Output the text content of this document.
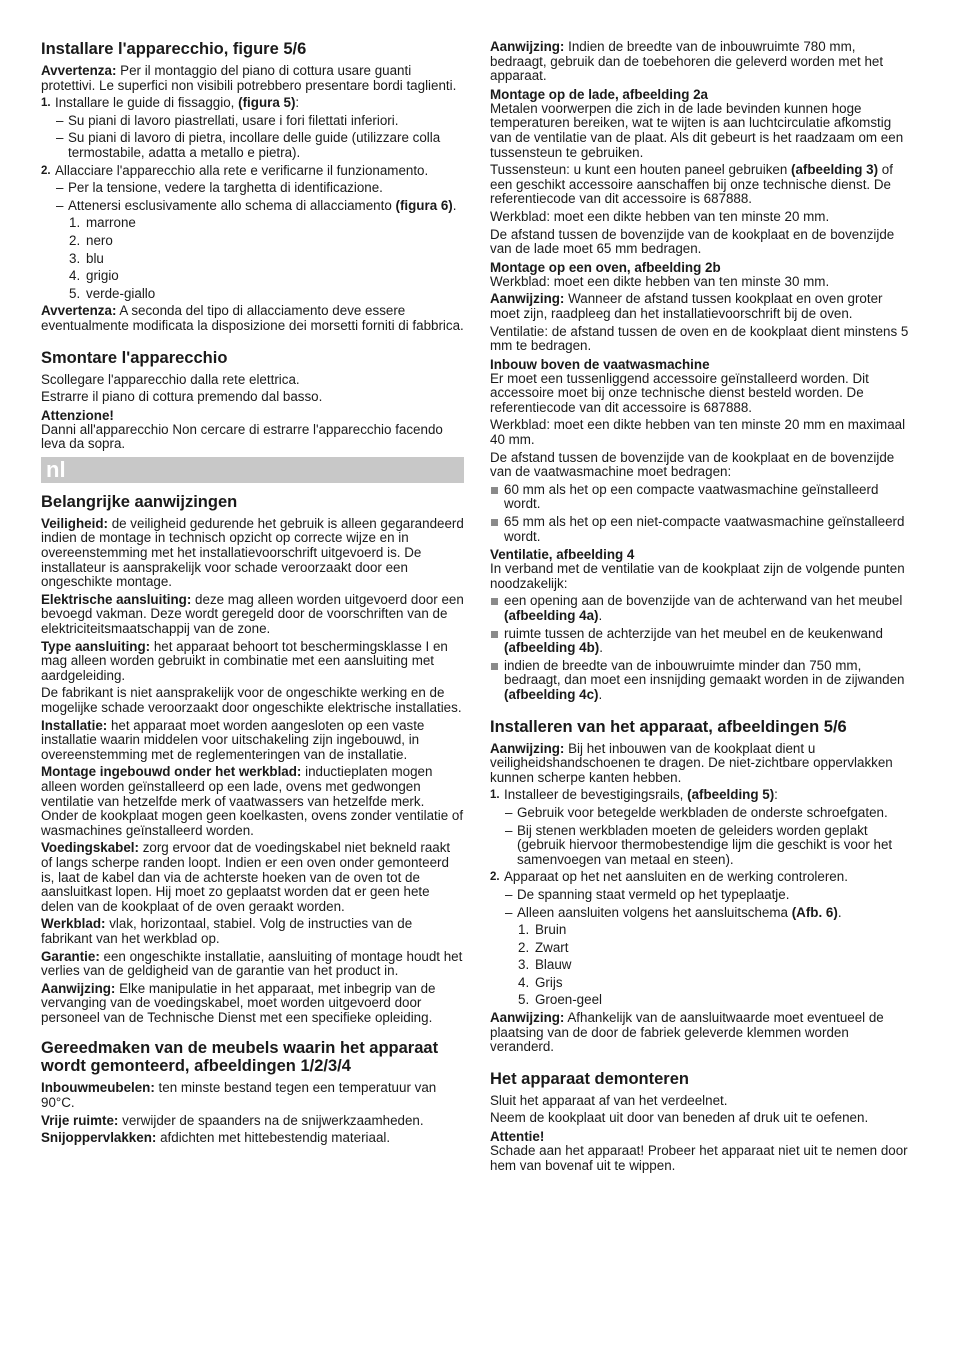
Installare l'apparecchio, figure 5/6

Avvertenza: Per il montaggio del piano di cottura usare guanti protettivi. Le superfici non visibili potrebbero presentare bordi taglienti.

1. Installare le guide di fissaggio, (figura 5):
– Su piani di lavoro piastrellati, usare i fori filettati inferiori.
– Su piani di lavoro di pietra, incollare delle guide (utilizzare colla termostabile, adatta a metallo e pietra).
2. Allacciare l'apparecchio alla rete e verificarne il funzionamento.
– Per la tensione, vedere la targhetta di identificazione.
– Attenersi esclusivamente allo schema di allacciamento (figura 6).
1. marrone
2. nero
3. blu
4. grigio
5. verde-giallo

Avvertenza: A seconda del tipo di allacciamento deve essere eventualmente modificata la disposizione dei morsetti forniti di fabbrica.

Smontare l'apparecchio

Scollegare l'apparecchio dalla rete elettrica.

Estrarre il piano di cottura premendo dal basso.

Attenzione!

Danni all'apparecchio Non cercare di estrarre l'apparecchio facendo leva da sopra.

nl
Belangrijke aanwijzingen

Veiligheid: de veiligheid gedurende het gebruik is alleen gegarandeerd indien de montage in technisch opzicht op correcte wijze en in overeenstemming met het installatievoorschrift uitgevoerd is. De installateur is aansprakelijk voor schade veroorzaakt door een ongeschikte montage.

Elektrische aansluiting: deze mag alleen worden uitgevoerd door een bevoegd vakman. Deze wordt geregeld door de voorschriften van de elektriciteitsmaatschappij van de zone.

Type aansluiting: het apparaat behoort tot beschermingsklasse I en mag alleen worden gebruikt in combinatie met een aansluiting met aardgeleiding.

De fabrikant is niet aansprakelijk voor de ongeschikte werking en de mogelijke schade veroorzaakt door ongeschikte elektrische installaties.

Installatie: het apparaat moet worden aangesloten op een vaste installatie waarin middelen voor uitschakeling zijn ingebouwd, in overeenstemming met de reglementeringen van de installatie.

Montage ingebouwd onder het werkblad: inductieplaten mogen alleen worden geïnstalleerd op een lade, ovens met gedwongen ventilatie van hetzelfde merk of vaatwassers van hetzelfde merk. Onder de kookplaat mogen geen koelkasten, ovens zonder ventilatie of wasmachines geïnstalleerd worden.

Voedingskabel: zorg ervoor dat de voedingskabel niet bekneld raakt of langs scherpe randen loopt. Indien er een oven onder gemonteerd is, laat de kabel dan via de achterste hoeken van de oven tot de aansluitkast lopen. Hij moet zo geplaatst worden dat er geen hete delen van de kookplaat of de oven geraakt worden.

Werkblad: vlak, horizontaal, stabiel. Volg de instructies van de fabrikant van het werkblad op.

Garantie: een ongeschikte installatie, aansluiting of montage houdt het verlies van de geldigheid van de garantie van het product in.

Aanwijzing: Elke manipulatie in het apparaat, met inbegrip van de vervanging van de voedingskabel, moet worden uitgevoerd door personeel van de Technische Dienst met een specifieke opleiding.

Gereedmaken van de meubels waarin het apparaat wordt gemonteerd, afbeeldingen 1/2/3/4

Inbouwmeubelen: ten minste bestand tegen een temperatuur van 90°C.

Vrije ruimte: verwijder de spaanders na de snijwerkzaamheden.

Snijoppervlakken: afdichten met hittebestendig materiaal.

Aanwijzing: Indien de breedte van de inbouwruimte 780 mm, bedraagt, gebruik dan de toebehoren die geleverd worden met het apparaat.

Montage op de lade, afbeelding 2a

Metalen voorwerpen die zich in de lade bevinden kunnen hoge temperaturen bereiken, wat te wijten is aan luchtcirculatie afkomstig van de ventilatie van de plaat. Als dit gebeurt is het raadzaam om een tussensteun te gebruiken.

Tussensteun: u kunt een houten paneel gebruiken (afbeelding 3) of een geschikt accessoire aanschaffen bij onze technische dienst. De referentiecode van dit accessoire is 687888.

Werkblad: moet een dikte hebben van ten minste 20 mm.

De afstand tussen de bovenzijde van de kookplaat en de bovenzijde van de lade moet 65 mm bedragen.

Montage op een oven, afbeelding 2b

Werkblad: moet een dikte hebben van ten minste 30 mm.

Aanwijzing: Wanneer de afstand tussen kookplaat en oven groter moet zijn, raadpleeg dan het installatievoorschrift bij de oven.

Ventilatie: de afstand tussen de oven en de kookplaat dient minstens 5 mm te bedragen.

Inbouw boven de vaatwasmachine

Er moet een tussenliggend accessoire geïnstalleerd worden. Dit accessoire moet bij onze technische dienst besteld worden. De referentiecode van dit accessoire is 687888.

Werkblad: moet een dikte hebben van ten minste 20 mm en maximaal 40 mm.

De afstand tussen de bovenzijde van de kookplaat en de bovenzijde van de vaatwasmachine moet bedragen:

60 mm als het op een compacte vaatwasmachine geïnstalleerd wordt.
65 mm als het op een niet-compacte vaatwasmachine geïnstalleerd wordt.
Ventilatie, afbeelding 4

In verband met de ventilatie van de kookplaat zijn de volgende punten noodzakelijk:

een opening aan de bovenzijde van de achterwand van het meubel (afbeelding 4a).
ruimte tussen de achterzijde van het meubel en de keukenwand (afbeelding 4b).
indien de breedte van de inbouwruimte minder dan 750 mm, bedraagt, dan moet een insnijding gemaakt worden in de zijwanden (afbeelding 4c).
Installeren van het apparaat, afbeeldingen 5/6

Aanwijzing: Bij het inbouwen van de kookplaat dient u veiligheidshandschoenen te dragen. De niet-zichtbare oppervlakken kunnen scherpe kanten hebben.

1. Installeer de bevestigingsrails, (afbeelding 5):
– Gebruik voor betegelde werkbladen de onderste schroefgaten.
– Bij stenen werkbladen moeten de geleiders worden geplakt (gebruik hiervoor thermobestendige lijm die geschikt is voor het samenvoegen van metaal en steen).
2. Apparaat op het net aansluiten en de werking controleren.
– De spanning staat vermeld op het typeplaatje.
– Alleen aansluiten volgens het aansluitschema (Afb. 6).
1. Bruin
2. Zwart
3. Blauw
4. Grijs
5. Groen-geel

Aanwijzing: Afhankelijk van de aansluitwaarde moet eventueel de plaatsing van de door de fabriek geleverde klemmen worden veranderd.

Het apparaat demonteren

Sluit het apparaat af van het verdeelnet.

Neem de kookplaat uit door van beneden af druk uit te oefenen.

Attentie!

Schade aan het apparaat! Probeer het apparaat niet uit te nemen door hem van bovenaf uit te wippen.
